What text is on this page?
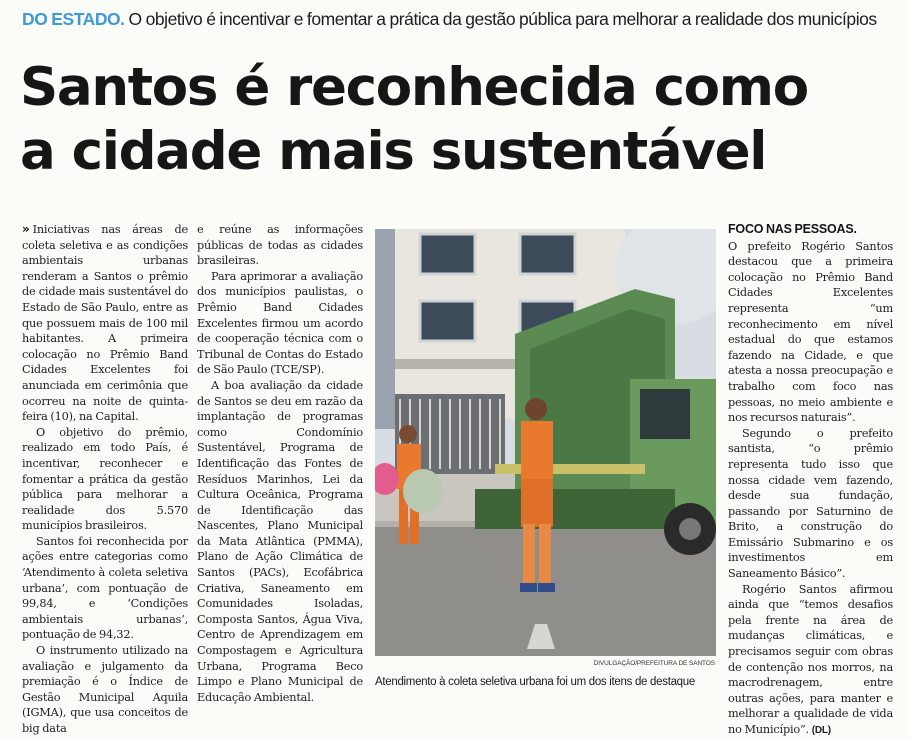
DO ESTADO. O objetivo é incentivar e fomentar a prática da gestão pública para melhorar a realidade dos municípios
Santos é reconhecida como
a cidade mais sustentável

» Iniciativas nas áreas de coleta seletiva e as condições ambientais urbanas renderam a Santos o prêmio de cidade mais sustentável do Estado de São Paulo, entre as que possuem mais de 100 mil habitantes. A primeira colocação no Prêmio Band Cidades Excelentes foi anunciada em cerimônia que ocorreu na noite de quinta-feira (10), na Capital.

O objetivo do prêmio, realizado em todo País, é incentivar, reconhecer e fomentar a prática da gestão pública para melhorar a realidade dos 5.570 municípios brasileiros.

Santos foi reconhecida por ações entre categorias como ‘Atendimento à coleta seletiva urbana’, com pontuação de 99,84, e ‘Condições ambientais urbanas’, pontuação de 94,32.

O instrumento utilizado na avaliação e julgamento da premiação é o Índice de Gestão Municipal Aquila (IGMA), que usa conceitos de big data

e reúne as informações públicas de todas as cidades brasileiras.

Para aprimorar a avaliação dos municípios paulistas, o Prêmio Band Cidades Excelentes firmou um acordo de cooperação técnica com o Tribunal de Contas do Estado de São Paulo (TCE/SP).

A boa avaliação da cidade de Santos se deu em razão da implantação de programas como Condomínio Sustentável, Programa de Identificação das Fontes de Resíduos Marinhos, Lei da Cultura Oceânica, Programa de Identificação das Nascentes, Plano Municipal da Mata Atlântica (PMMA), Plano de Ação Climática de Santos (PACs), Ecofábrica Criativa, Saneamento em Comunidades Isoladas, Composta Santos, Água Viva, Centro de Aprendizagem em Compostagem e Agricultura Urbana, Programa Beco Limpo e Plano Municipal de Educação Ambiental.

DIVULGAÇÃO/PREFEITURA DE SANTOS
Atendimento à coleta seletiva urbana foi um dos itens de destaque
FOCO NAS PESSOAS.

O prefeito Rogério Santos destacou que a primeira colocação no Prêmio Band Cidades Excelentes representa “um reconhecimento em nível estadual do que estamos fazendo na Cidade, e que atesta a nossa preocupação e trabalho com foco nas pessoas, no meio ambiente e nos recursos naturais”.

Segundo o prefeito santista, “o prêmio representa tudo isso que nossa cidade vem fazendo, desde sua fundação, passando por Saturnino de Brito, a construção do Emissário Submarino e os investimentos em Saneamento Básico”.

Rogério Santos afirmou ainda que “temos desafios pela frente na área de mudanças climáticas, e precisamos seguir com obras de contenção nos morros, na macrodrenagem, entre outras ações, para manter e melhorar a qualidade de vida no Município”. (DL)
